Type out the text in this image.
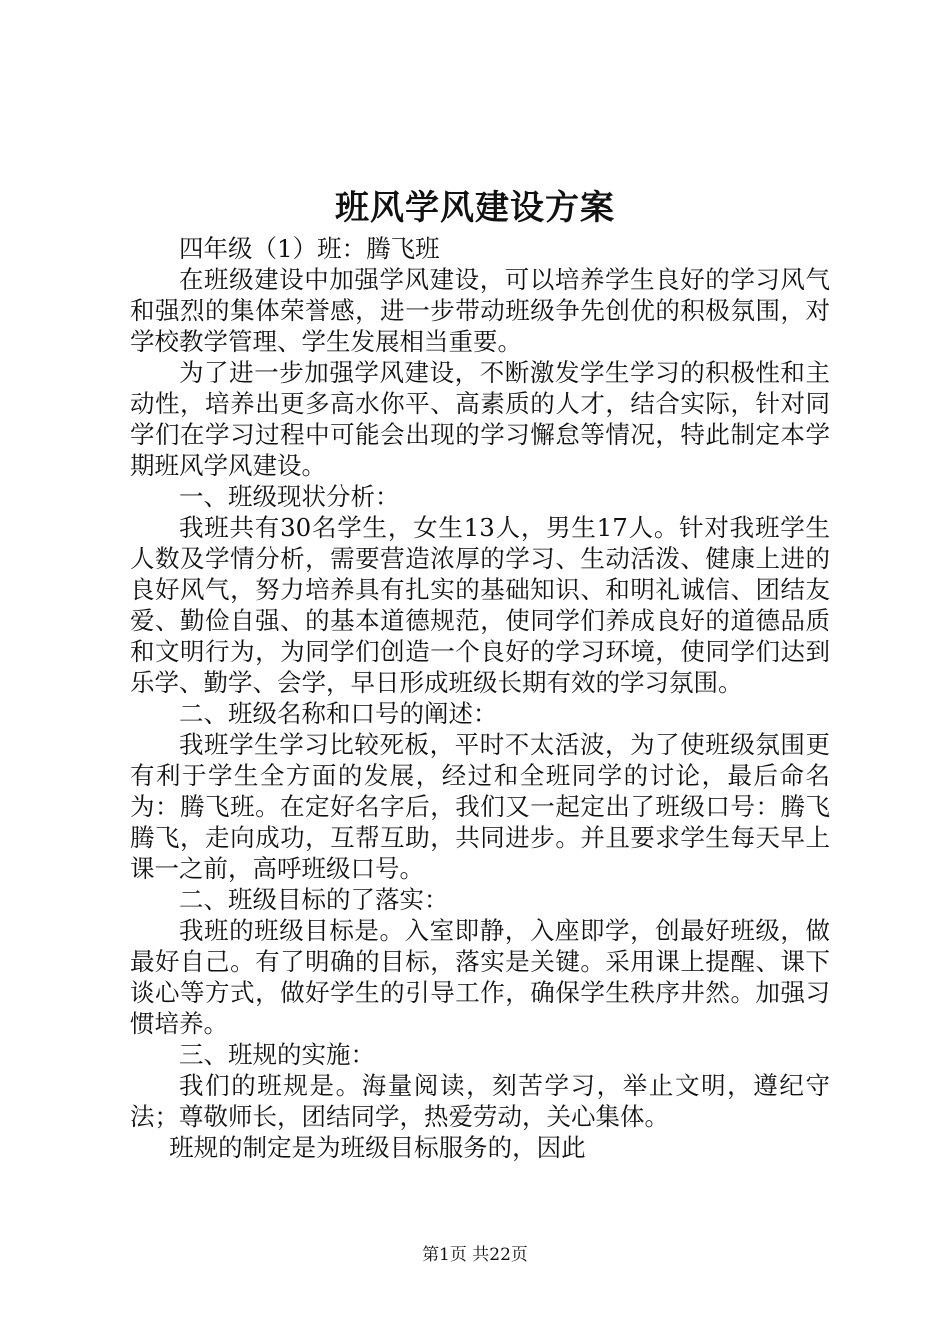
班风学风建设方案

四年级（1）班：腾飞班

在班级建设中加强学风建设，可以培养学生良好的学习风气和强烈的集体荣誉感，进一步带动班级争先创优的积极氛围，对学校教学管理、学生发展相当重要。

为了进一步加强学风建设，不断激发学生学习的积极性和主动性，培养出更多高水你平、高素质的人才，结合实际，针对同学们在学习过程中可能会出现的学习懈怠等情况，特此制定本学期班风学风建设。

一、班级现状分析：

我班共有30名学生，女生13人，男生17人。针对我班学生人数及学情分析，需要营造浓厚的学习、生动活泼、健康上进的良好风气，努力培养具有扎实的基础知识、和明礼诚信、团结友爱、勤俭自强、的基本道德规范，使同学们养成良好的道德品质和文明行为，为同学们创造一个良好的学习环境，使同学们达到乐学、勤学、会学，早日形成班级长期有效的学习氛围。

二、班级名称和口号的阐述：

我班学生学习比较死板，平时不太活波，为了使班级氛围更有利于学生全方面的发展，经过和全班同学的讨论，最后命名为：腾飞班。在定好名字后，我们又一起定出了班级口号：腾飞腾飞，走向成功，互帮互助，共同进步。并且要求学生每天早上课一之前，高呼班级口号。

二、班级目标的了落实：

我班的班级目标是。入室即静，入座即学，创最好班级，做最好自己。有了明确的目标，落实是关键。采用课上提醒、课下谈心等方式，做好学生的引导工作，确保学生秩序井然。加强习惯培养。

三、班规的实施：

我们的班规是。海量阅读，刻苦学习，举止文明，遵纪守法；尊敬师长，团结同学，热爱劳动，关心集体。

班规的制定是为班级目标服务的，因此

第1页 共22页
